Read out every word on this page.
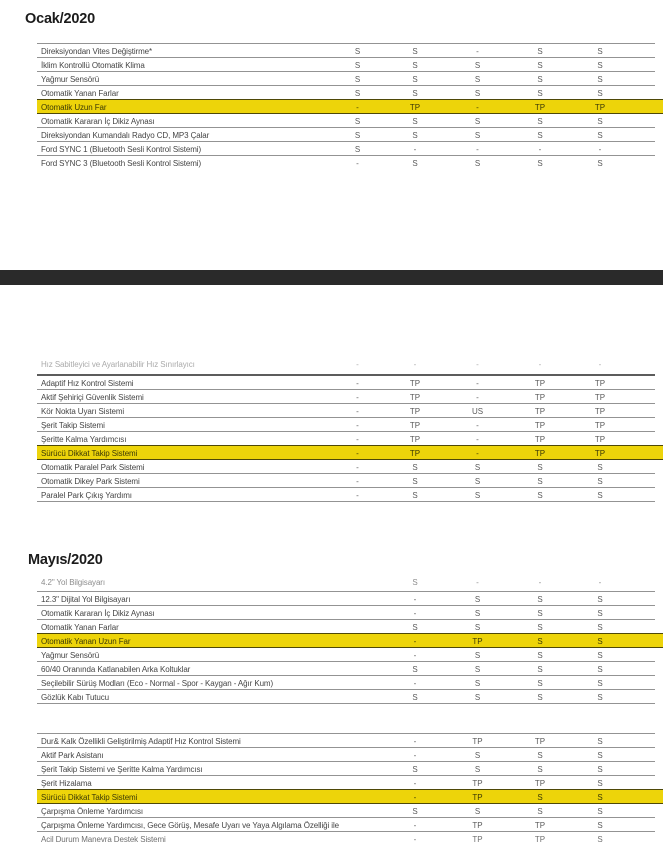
Ocak/2020
Direksiyondan Vites Değiştirme*	S	S	-	S	S
İklim Kontrollü Otomatik Klima	S	S	S	S	S
Yağmur Sensörü	S	S	S	S	S
Otomatik Yanan Farlar	S	S	S	S	S
Otomatik Uzun Far	-	TP	-	TP	TP
Otomatik Kararan İç Dikiz Aynası	S	S	S	S	S
Direksiyondan Kumandalı Radyo CD, MP3 Çalar	S	S	S	S	S
Ford SYNC 1 (Bluetooth Sesli Kontrol Sistemi)	S	-	-	-	-
Ford SYNC 3 (Bluetooth Sesli Kontrol Sistemi)	-	S	S	S	S
Hız Sabitleyici ve Ayarlanabilir Hız Sınırlayıcı	-	-	-	-	-
Adaptif Hız Kontrol Sistemi	-	TP	-	TP	TP
Aktif Şehiriçi Güvenlik Sistemi	-	TP	-	TP	TP
Kör Nokta Uyarı Sistemi	-	TP	US	TP	TP
Şerit Takip Sistemi	-	TP	-	TP	TP
Şeritte Kalma Yardımcısı	-	TP	-	TP	TP
Sürücü Dikkat Takip Sistemi	-	TP	-	TP	TP
Otomatik Paralel Park Sistemi	-	S	S	S	S
Otomatik Dikey Park Sistemi	-	S	S	S	S
Paralel Park Çıkış Yardımı	-	S	S	S	S
Mayıs/2020
4.2" Yol Bilgisayarı	S	-	-	-
12.3" Dijital Yol Bilgisayarı	-	S	S	S
Otomatik Kararan İç Dikiz Aynası	-	S	S	S
Otomatik Yanan Farlar	S	S	S	S
Otomatik Yanan Uzun Far	-	TP	S	S
Yağmur Sensörü	-	S	S	S
60/40 Oranında Katlanabilen Arka Koltuklar	S	S	S	S
Seçilebilir Sürüş Modları (Eco - Normal - Spor - Kaygan - Ağır Kum)	-	S	S	S
Gözlük Kabı Tutucu	S	S	S	S
Dur& Kalk Özellikli Geliştirilmiş Adaptif Hız Kontrol Sistemi	-	TP	TP	S
Aktif Park Asistanı	-	S	S	S
Şerit Takip Sistemi ve Şeritte Kalma Yardımcısı	S	S	S	S
Şerit Hizalama	-	TP	TP	S
Sürücü Dikkat Takip Sistemi	-	TP	S	S
Çarpışma Önleme Yardımcısı	S	S	S	S
Çarpışma Önleme Yardımcısı, Gece Görüş, Mesafe Uyarı ve Yaya Algılama Özelliği ile	-	TP	TP	S
Acil Durum Manevra Destek Sistemi	-	TP	TP	S
